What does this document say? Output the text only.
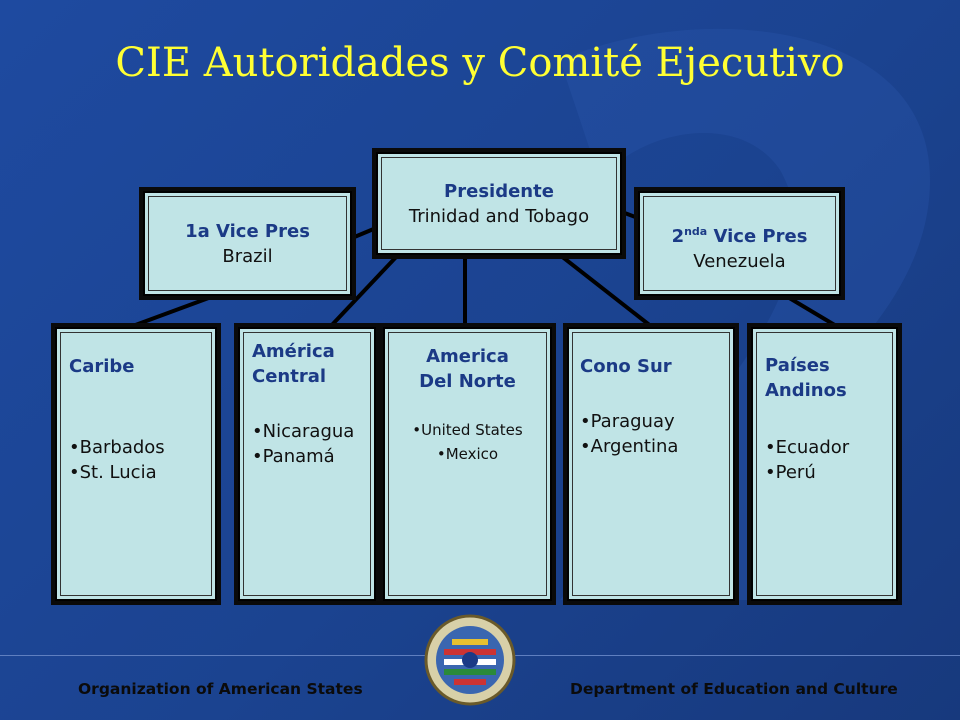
CIE Autoridades y Comité Ejecutivo
Presidente
Trinidad and Tobago
1a Vice Pres
Brazil
$2^{nda}$ Vice Pres
Venezuela
Caribe
• Barbados
• St. Lucia
América
Central
• Nicaragua
• Panamá
America
Del Norte
• United States
• Mexico
Cono Sur
• Paraguay
• Argentina
Países
Andinos
• Ecuador
• Perú
Organization of American States	Department of Education and Culture
